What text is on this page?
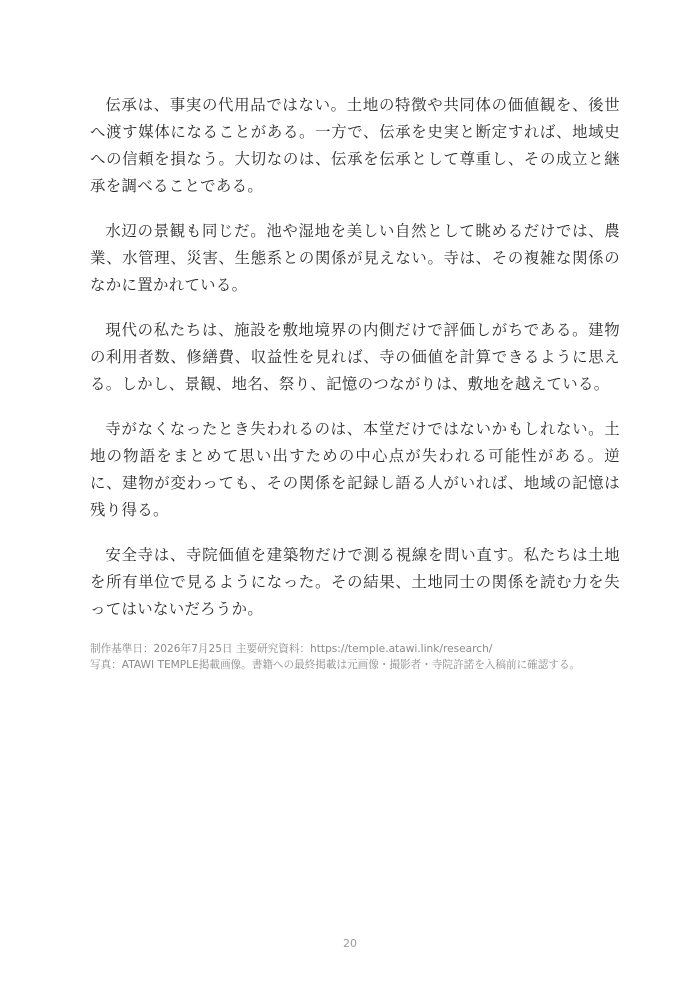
伝承は、事実の代用品ではない。土地の特徴や共同体の価値観を、後世へ渡す媒体になることがある。一方で、伝承を史実と断定すれば、地域史への信頼を損なう。大切なのは、伝承を伝承として尊重し、その成立と継承を調べることである。

水辺の景観も同じだ。池や湿地を美しい自然として眺めるだけでは、農業、水管理、災害、生態系との関係が見えない。寺は、その複雑な関係のなかに置かれている。

現代の私たちは、施設を敷地境界の内側だけで評価しがちである。建物の利用者数、修繕費、収益性を見れば、寺の価値を計算できるように思える。しかし、景観、地名、祭り、記憶のつながりは、敷地を越えている。

寺がなくなったとき失われるのは、本堂だけではないかもしれない。土地の物語をまとめて思い出すための中心点が失われる可能性がある。逆に、建物が変わっても、その関係を記録し語る人がいれば、地域の記憶は残り得る。

安全寺は、寺院価値を建築物だけで測る視線を問い直す。私たちは土地を所有単位で見るようになった。その結果、土地同士の関係を読む力を失ってはいないだろうか。

制作基準日：2026年7月25日 主要研究資料：https://temple.atawi.link/research/

写真：ATAWI TEMPLE掲載画像。書籍への最終掲載は元画像・撮影者・寺院許諾を入稿前に確認する。

20
